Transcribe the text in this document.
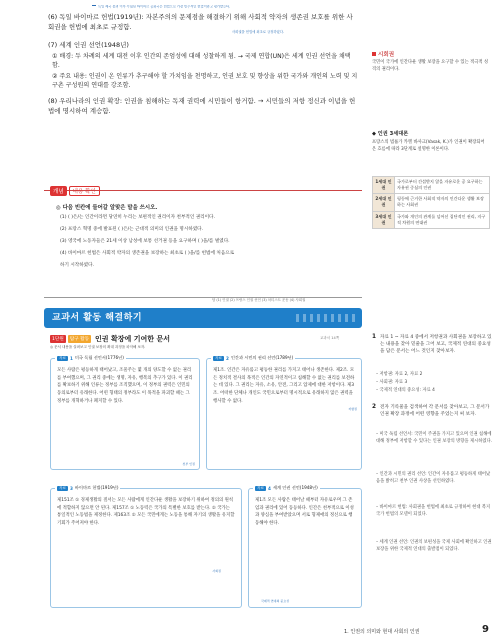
독일 제국 붕괴 이후 수립된 바이마르 공화국은 헌법으로 가장 민주적인 헌법이라고 평가받는다.
(6) 독일 바이마르 헌법(1919년): 자본주의의 문제점을 해결하기 위해 사회적 약자의 생존권 보호를 위한 사회권을 헌법에 최초로 규정함.
사회권을 헌법에 최초로 규정하였다.
(7) 세계 인권 선언(1948년)
① 배경: 두 차례의 세계 대전 이후 인간의 존엄성에 대해 성찰하게 됨. → 국제 연합(UN)은 세계 인권 선언을 채택함.
② 주요 내용: 인권이 온 인류가 추구해야 할 가치임을 천명하고, 인권 보호 및 향상을 위한 국가와 개인의 노력 및 지구촌 구성원의 연대를 강조함.
(8) 우리나라의 인권 확장: 인권을 침해하는 독재 권력에 시민들이 항거함. → 시민들의 저항 정신과 이념을 헌법에 명시하여 계승함.
개념	내용 확인
◎ 다음 빈칸에 들어갈 알맞은 말을 쓰시오.
(1) ( )은/는 인간이라면 당연히 누리는 보편적인 권리이자 천부적인 권리이다.
(2) 프랑스 혁명 중에 발표된 ( )은/는 근대적 의미의 인권을 명시하였다.
(3) 영국에 노동자들은 21세 이상 남성에 보통 선거권 등을 요구하며 ( )을/를 벌였다.
(4) 바이마르 헌법은 사회적 약자의 생존권을 보장하는 최초로 ( )을/를 헌법에 처음으로
하기 시작하였다.
답 (1) 인권 (2) 프랑스 인권 선언 (3) 차티스트 운동 (4) 사회권
교과서 활동 해결하기
1단원	탐구 활동 인권 확장에 기여한 문서	교과서 14쪽
◎ 문서 내용을 살펴보고 인권 보장의 확대 과정을 파악해 보자.
자료 1 미국 독립 선언서(1776년)
모든 사람은 평등하게 태어났고, 조물주는 몇 개의 양도할 수 없는 권리를 부여했으며, 그 권리 중에는 생명, 자유, 행복의 추구가 있다. 이 권리를 확보하기 위해 인류는 정부를 조직했으며, 이 정부의 권력은 인민의 동의로부터 유래한다. 어떤 형태의 정부라도 이 목적을 파괴할 때는 그 정부를 개혁하거나 폐지할 수 있다.
천부 인권
자료 2 인간과 시민의 권리 선언(1789년)
제1조. 인간은 자유롭고 평등한 권리를 가지고 태어나 생존한다. 제2조. 모든 정치적 결사의 목적은 인간의 자연적이고 침해할 수 없는 권리를 보전하는 데 있다. 그 권리는 자유, 소유, 안전, 그리고 압제에 대한 저항이다. 제3조. 어떠한 단체나 개인도 국민으로부터 명시적으로 유래하지 않은 권력을 행사할 수 없다.
저항권
자료 3 바이마르 헌법(1919년)
제151조 ① 경제생활의 질서는 모든 사람에게 인간다운 생활을 보장하기 위하여 정의의 원칙에 적합하지 않으면 안 된다. 제157조 ① 노동력은 국가의 특별한 보호를 받는다. ② 국가는 통일적인 노동법을 제정한다. 제163조 ② 모든 국민에게는 노동을 통해 자기의 생활을 유지할 기회가 주어져야 한다.
사회권
자료 4 세계 인권 선언(1948년)
제1조 모든 사람은 태어날 때부터 자유로우며 그 존엄과 권리에 있어 동등하다. 인간은 천부적으로 이성과 양심을 부여받았으며 서로 형제애의 정신으로 행동해야 한다.
국제적 연대의 중요성
시회권
국민이 국가에 인간다운 생활 보장을 요구할 수 있는 적극적 성격의 권리이다.
◆ 인권 3세대론
프랑스의 법률가 카렐 바사크(Vasak, K.)가 인권이 확장되어 온 흐름에 따라 3단계로 설명한 이론이다.
1세대 인권	국가로부터 간섭받지 않을 자유로운 공 요구하는 자유권 중심의 인권
2세대 인권	평등에 근거한 사회적 약자의 인간다운 생활 보장하는 사회권
3세대 인권	국가와 개인의 관계를 넘어선 집단적인 권리, 지구적 차원의 연대권
1 자료 1 ~ 자료 4 중에서 저항권과 사회권을 보장하고 있는 내용을 찾아 밑줄을 그어 보고, 국제적 연대의 중요성을 담은 문서는 어느 것인지 찾아보자.
– 저항권: 자료 2, 자료 2
– 사회권: 자료 3
– 국제적 연대의 중요성: 자료 4
2 전자 기록물을 검색하여 각 문서를 찾아보고, 그 문서가 인권 확장 과정에 어떤 영향을 주었는지 써 보자.
– 미국 독립 선언서: 국민이 주권을 가지고 있으며 인권 침해에 대해 정부에 저항할 수 있다는 인권 보장의 방향을 제시하였다.
– 인간과 시민의 권리 선언: 인간이 자유롭고 평등하게 태어났음을 밝히고 천부 인권 사상을 선언하였다.
– 바이마르 헌법: 사회권을 헌법에 최초로 규정하여 현대 복지 국가 헌법의 모델이 되었다.
– 세계 인권 선언: 인권의 보편성을 국제 사회에 확인하고 인권 보장을 위한 국제적 연대의 출발점이 되었다.
1. 인권의 의미와 현대 사회의 인권	9
